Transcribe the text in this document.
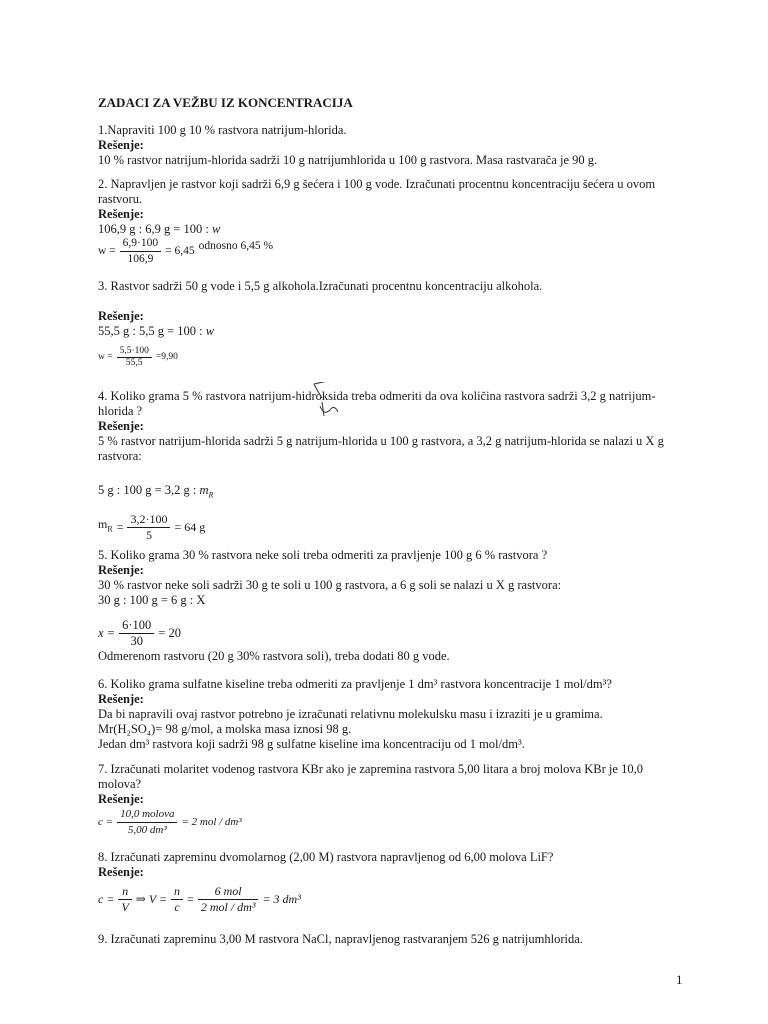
ZADACI ZA VEŽBU IZ KONCENTRACIJA

1.Napraviti 100 g 10 % rastvora natrijum-hlorida.

Rešenje:

10 % rastvor natrijum-hlorida sadrži 10 g natrijumhlorida u 100 g rastvora. Masa rastvarača je 90 g.

2. Napravljen je rastvor koji sadrži 6,9 g šećera i 100 g vode. Izračunati procentnu koncentraciju šećera u ovom

rastvoru.

Rešenje:

106,9 g : 6,9 g = 100 : w

$w = \frac{6,9\cdot 100}{106,9} = 6,45$ odnosno 6,45 %

3. Rastvor sadrži 50 g vode i 5,5 g alkohola.Izračunati procentnu koncentraciju alkohola.

Rešenje:

55,5 g : 5,5 g = 100 : w

$w = \frac{5,5\cdot 100}{55,5} =9,90$

4. Koliko grama 5 % rastvora natrijum-hidroksida treba odmeriti da ova količina rastvora sadrži 3,2 g natrijum-

hlorida ?

Rešenje:

5 % rastvor natrijum-hlorida sadrži 5 g natrijum-hlorida u 100 g rastvora, a 3,2 g natrijum-hlorida se nalazi u X g

rastvora:

5 g : 100 g = 3,2 g : $m_R$

$m_R = \frac{3,2\cdot 100}{5} = 64$ g

5. Koliko grama 30 % rastvora neke soli treba odmeriti za pravljenje 100 g 6 % rastvora ?

Rešenje:

30 % rastvor neke soli sadrži 30 g te soli u 100 g rastvora, a 6 g soli se nalazi u X g rastvora:

30 g : 100 g = 6 g : X

$x = \frac{6\cdot 100}{30} = 20$

Odmerenom rastvoru (20 g 30% rastvora soli), treba dodati 80 g vode.

6. Koliko grama sulfatne kiseline treba odmeriti za pravljenje 1 dm³ rastvora koncentracije 1 mol/dm³?

Rešenje:

Da bi napravili ovaj rastvor potrebno je izračunati relativnu molekulsku masu i izraziti je u gramima.

Mr(H₂SO₄)= 98 g/mol, a molska masa iznosi 98 g.

Jedan dm³ rastvora koji sadrži 98 g sulfatne kiseline ima koncentraciju od 1 mol/dm³.

7. Izračunati molaritet vodenog rastvora KBr ako je zapremina rastvora 5,00 litara a broj molova KBr je 10,0

molova?

Rešenje:

$c = \frac{\text{10,0 molova}}{\text{5,00 dm³}} = 2$ mol / dm³

8. Izračunati zapreminu dvomolarnog (2,00 M) rastvora napravljenog od 6,00 molova LiF?

Rešenje:

$c = \frac{n}{V}$ ⇒ $V = \frac{n}{c} = \frac{\text{6 mol}}{\text{2 mol / dm³}} = 3$ dm³

9. Izračunati zapreminu 3,00 M rastvora NaCl, napravljenog rastvaranjem 526 g natrijumhlorida.

1
